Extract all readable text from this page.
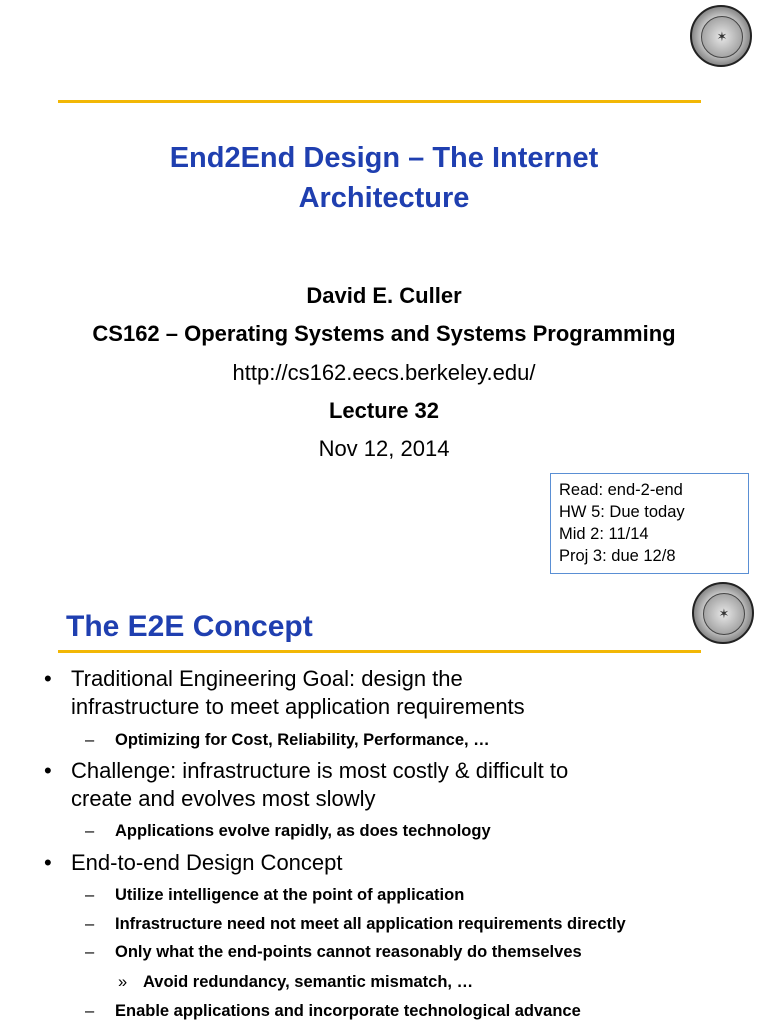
✶
End2End Design – The Internet
Architecture
David E. Culler
CS162 – Operating Systems and Systems Programming
http://cs162.eecs.berkeley.edu/
Lecture 32
Nov 12, 2014
Read: end-2-end
HW 5: Due today
Mid 2: 11/14
Proj 3: due 12/8
✶
The E2E Concept
• Traditional Engineering Goal: design the
infrastructure to meet application requirements
– Optimizing for Cost, Reliability, Performance, …
• Challenge: infrastructure is most costly & difficult to
create and evolves most slowly
– Applications evolve rapidly, as does technology
• End-to-end Design Concept
– Utilize intelligence at the point of application
– Infrastructure need not meet all application requirements directly
– Only what the end-points cannot reasonably do themselves
» Avoid redundancy, semantic mismatch, …
– Enable applications and incorporate technological advance
